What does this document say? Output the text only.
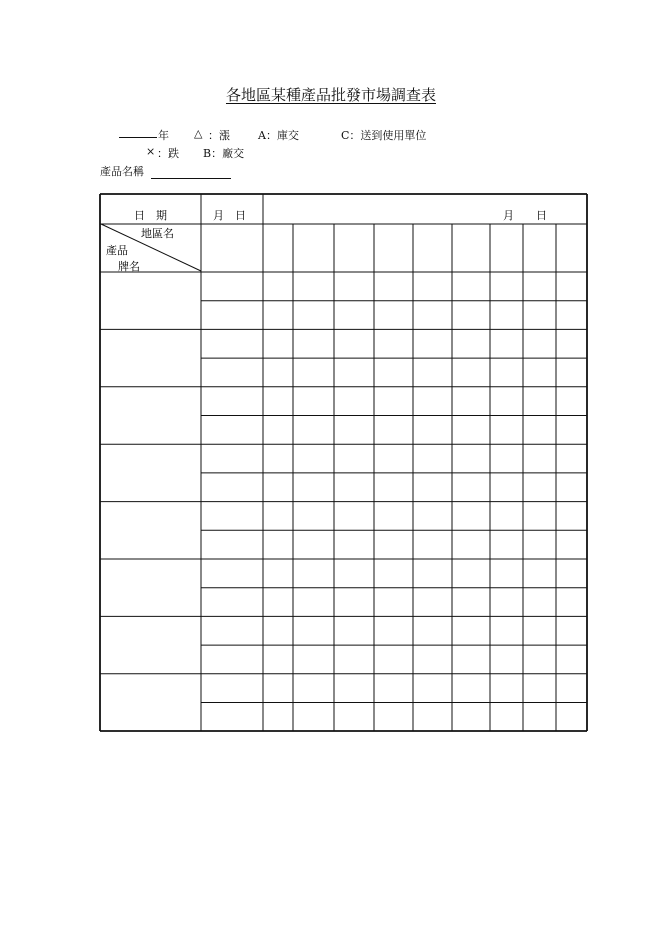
各地區某種產品批發市場調查表
年 △ ：漲	A：庫交	C：送到使用單位
× ：跌 B：廠交
產品名稱
日　期	月　日	月　　日
地區名
產品
牌名
